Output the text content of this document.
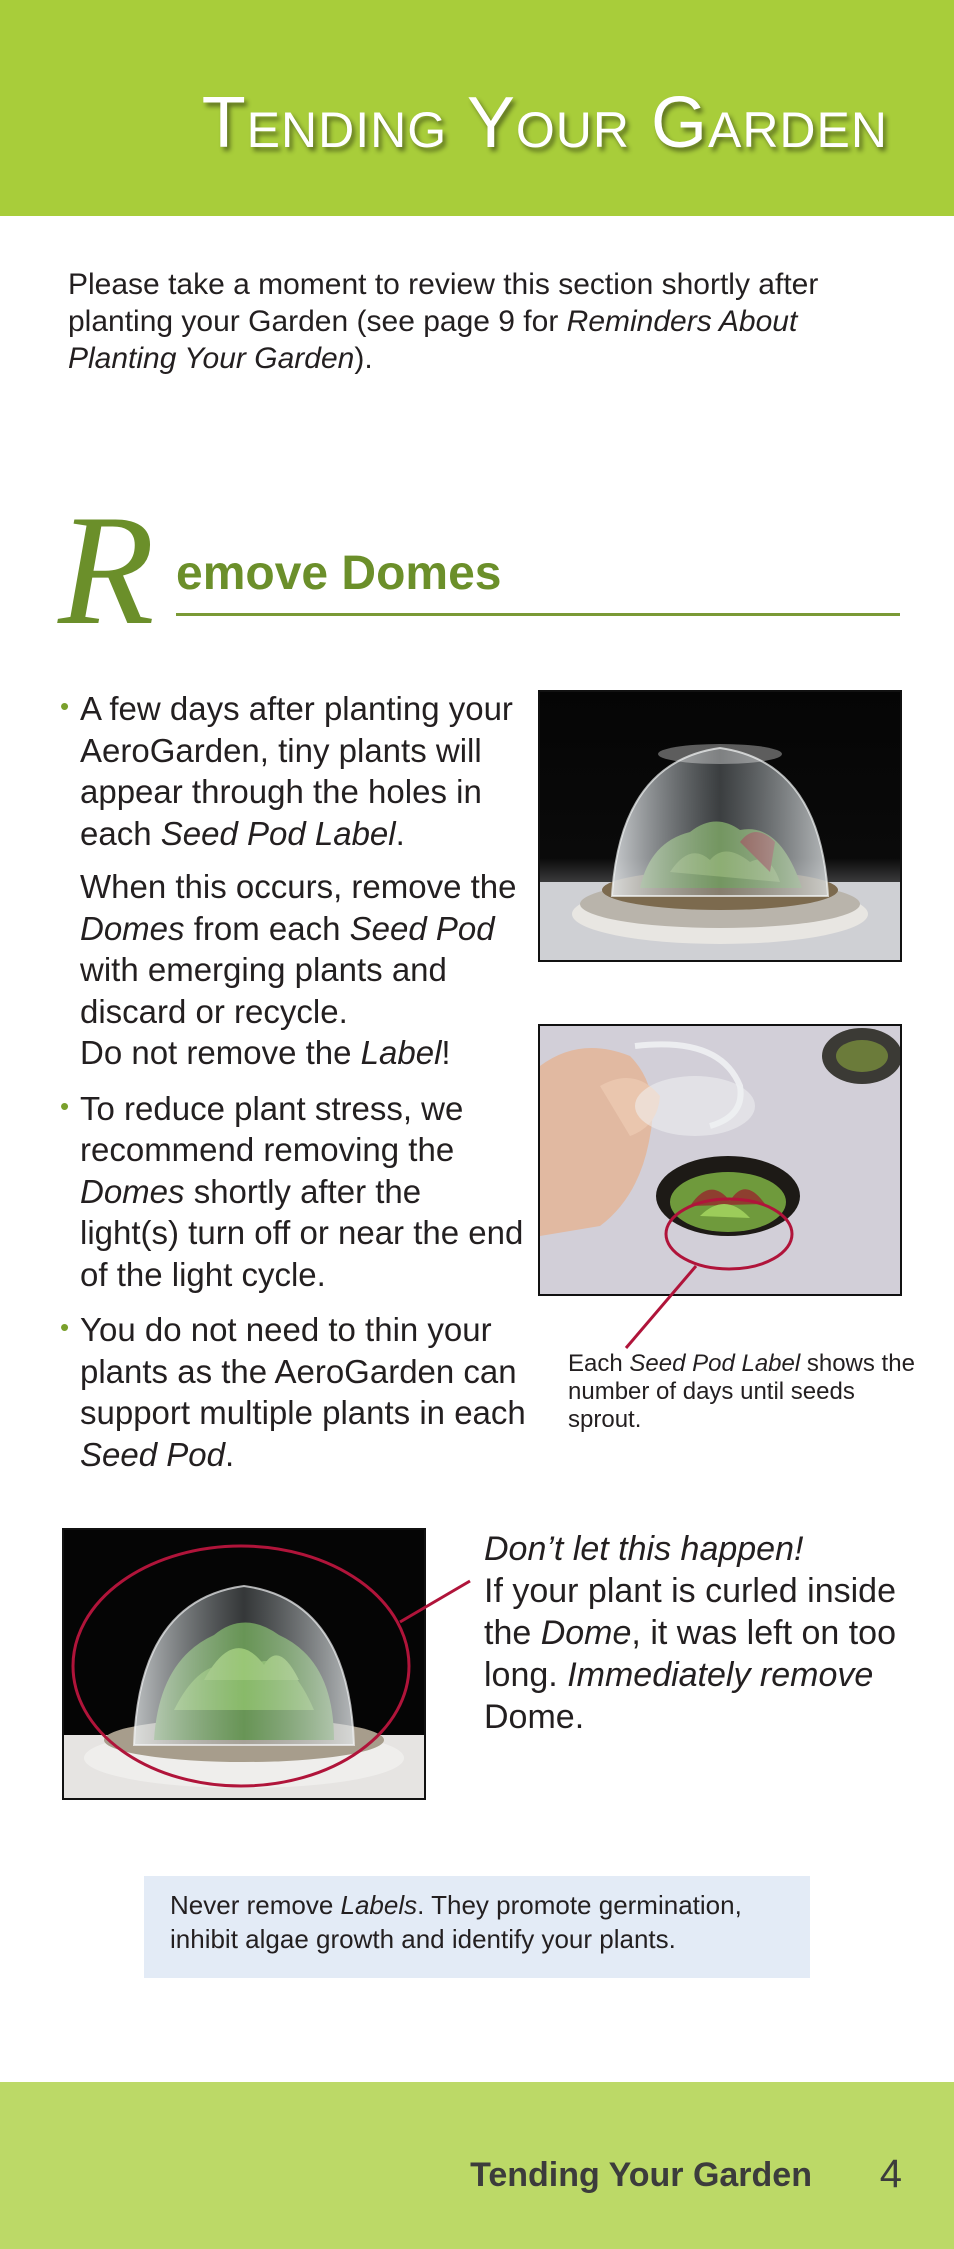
Tending Your Garden
Please take a moment to review this section shortly after planting your Garden (see page 9 for Reminders About Planting Your Garden).
R emove Domes
• A few days after planting your AeroGarden, tiny plants will appear through the holes in each Seed Pod Label.

When this occurs, remove the Domes from each Seed Pod with emerging plants and discard or recycle.
Do not remove the Label!

• To reduce plant stress, we recommend removing the Domes shortly after the light(s) turn off or near the end of the light cycle.

• You do not need to thin your plants as the AeroGarden can support multiple plants in each Seed Pod.

Each Seed Pod Label shows the number of days until seeds sprout.
Don’t let this happen!
If your plant is curled inside the Dome, it was left on too long. Immediately remove Dome.
Never remove Labels. They promote germination, inhibit algae growth and identify your plants.
Tending Your Garden 4
